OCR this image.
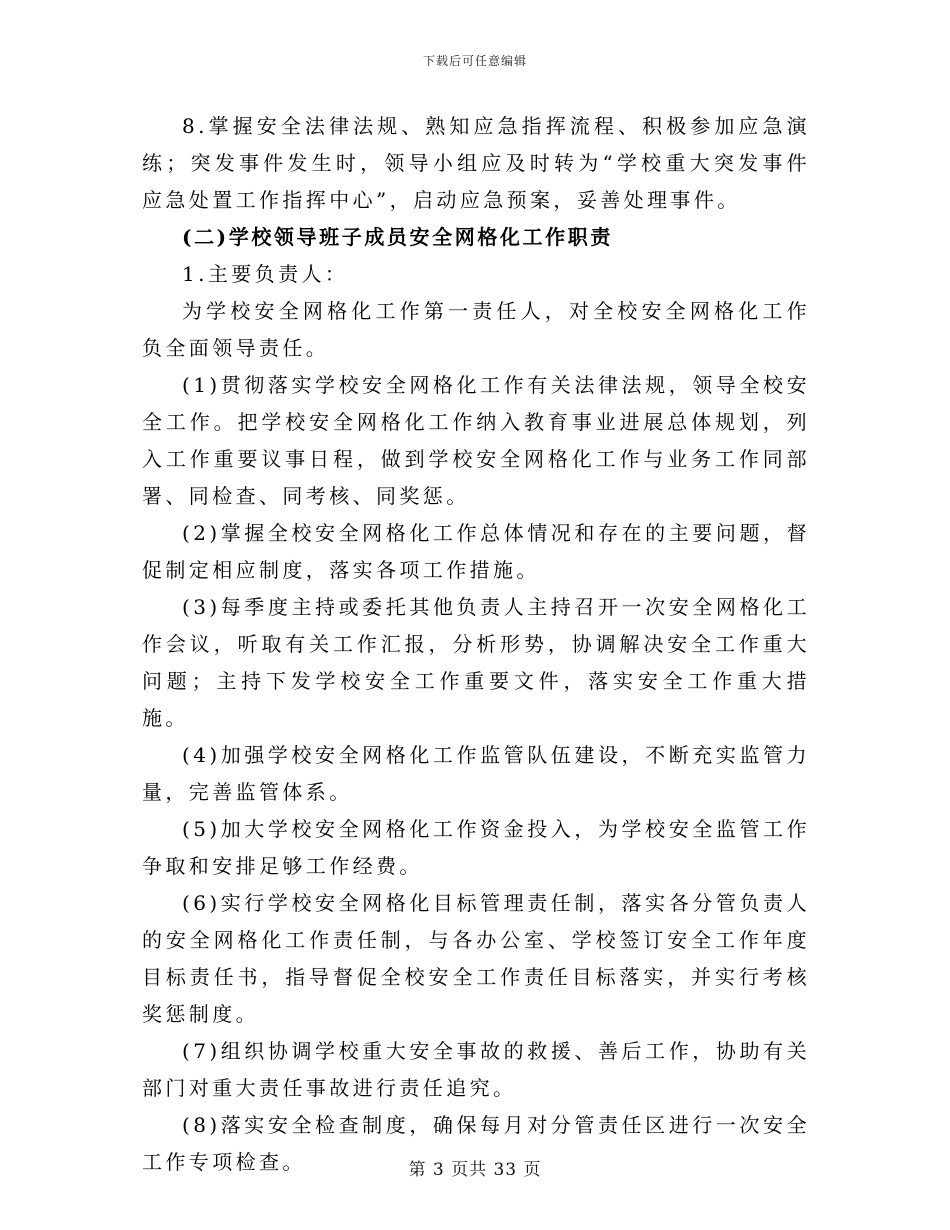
下载后可任意编辑

8.掌握安全法律法规、熟知应急指挥流程、积极参加应急演练；突发事件发生时，领导小组应及时转为“学校重大突发事件应急处置工作指挥中心”，启动应急预案，妥善处理事件。

(二)学校领导班子成员安全网格化工作职责

1.主要负责人：

为学校安全网格化工作第一责任人，对全校安全网格化工作负全面领导责任。

(1)贯彻落实学校安全网格化工作有关法律法规，领导全校安全工作。把学校安全网格化工作纳入教育事业进展总体规划，列入工作重要议事日程，做到学校安全网格化工作与业务工作同部署、同检查、同考核、同奖惩。

(2)掌握全校安全网格化工作总体情况和存在的主要问题，督促制定相应制度，落实各项工作措施。

(3)每季度主持或委托其他负责人主持召开一次安全网格化工作会议，听取有关工作汇报，分析形势，协调解决安全工作重大问题；主持下发学校安全工作重要文件，落实安全工作重大措施。

(4)加强学校安全网格化工作监管队伍建设，不断充实监管力量，完善监管体系。

(5)加大学校安全网格化工作资金投入，为学校安全监管工作争取和安排足够工作经费。

(6)实行学校安全网格化目标管理责任制，落实各分管负责人的安全网格化工作责任制，与各办公室、学校签订安全工作年度目标责任书，指导督促全校安全工作责任目标落实，并实行考核奖惩制度。

(7)组织协调学校重大安全事故的救援、善后工作，协助有关部门对重大责任事故进行责任追究。

(8)落实安全检查制度，确保每月对分管责任区进行一次安全工作专项检查。	第 3 页共 33 页
